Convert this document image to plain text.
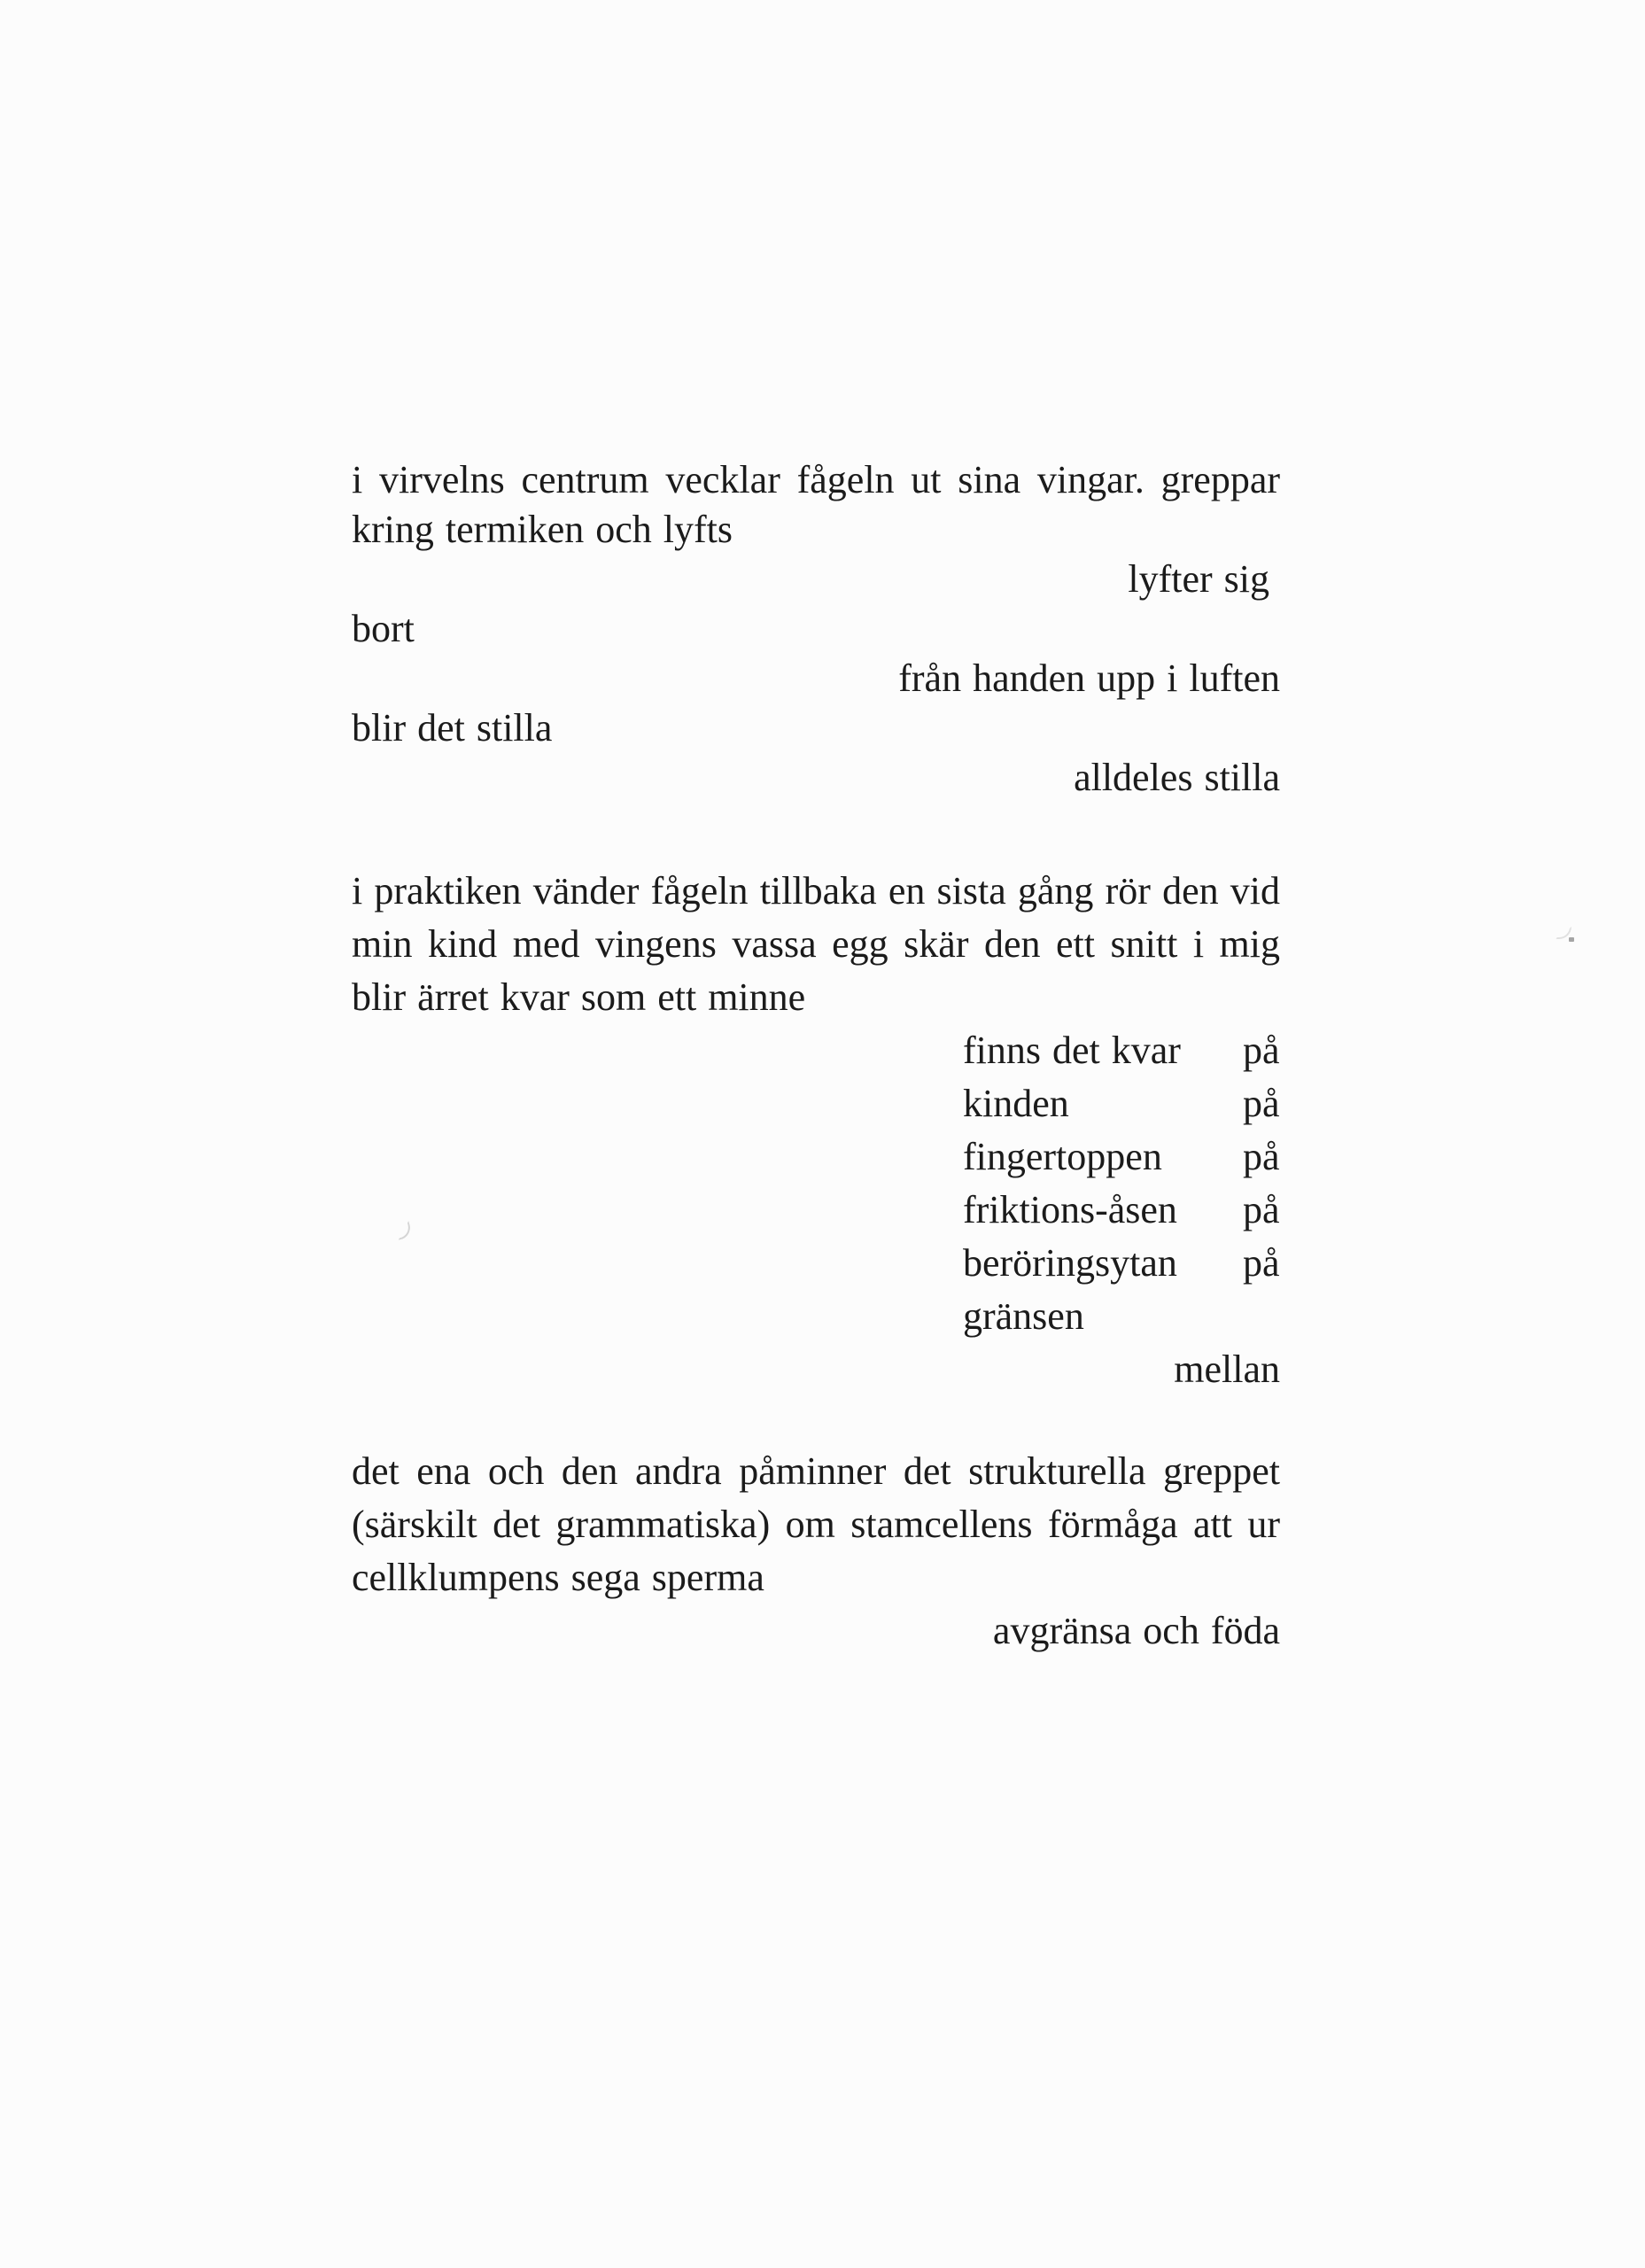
i virvelns centrum vecklar fågeln ut sina vingar. greppar
kring termiken och lyfts
lyfter sig
bort
från handen upp i luften
blir det stilla
alldeles stilla
i praktiken vänder fågeln tillbaka en sista gång rör den vid
min kind med vingens vassa egg skär den ett snitt i mig
blir ärret kvar som ett minne
finns det kvar på
kinden	på
fingertoppen på
friktions-åsen på
beröringsytan på
gränsen
mellan
det ena och den andra påminner det strukturella greppet
(särskilt det grammatiska) om stamcellens förmåga att ur
cellklumpens sega sperma
avgränsa och föda
